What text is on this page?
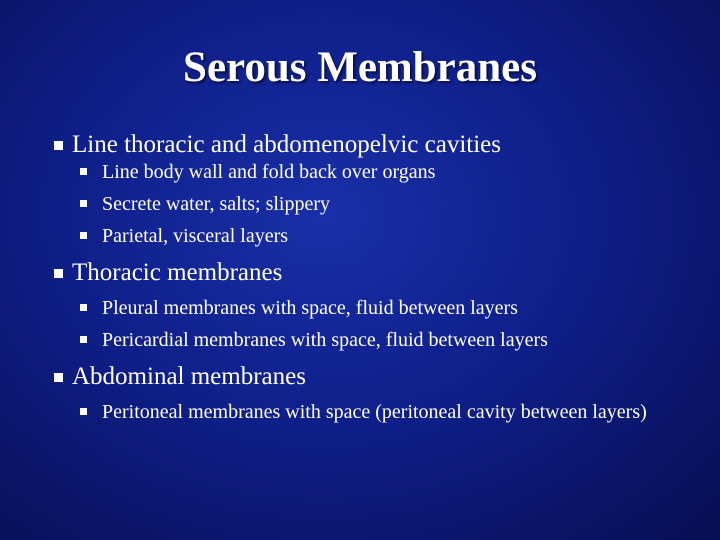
Serous Membranes
Line thoracic and abdomenopelvic cavities
Line body wall and fold back over organs
Secrete water, salts; slippery
Parietal, visceral layers
Thoracic membranes
Pleural membranes with space, fluid between layers
Pericardial membranes with space, fluid between layers
Abdominal membranes
Peritoneal membranes with space (peritoneal cavity between layers)
